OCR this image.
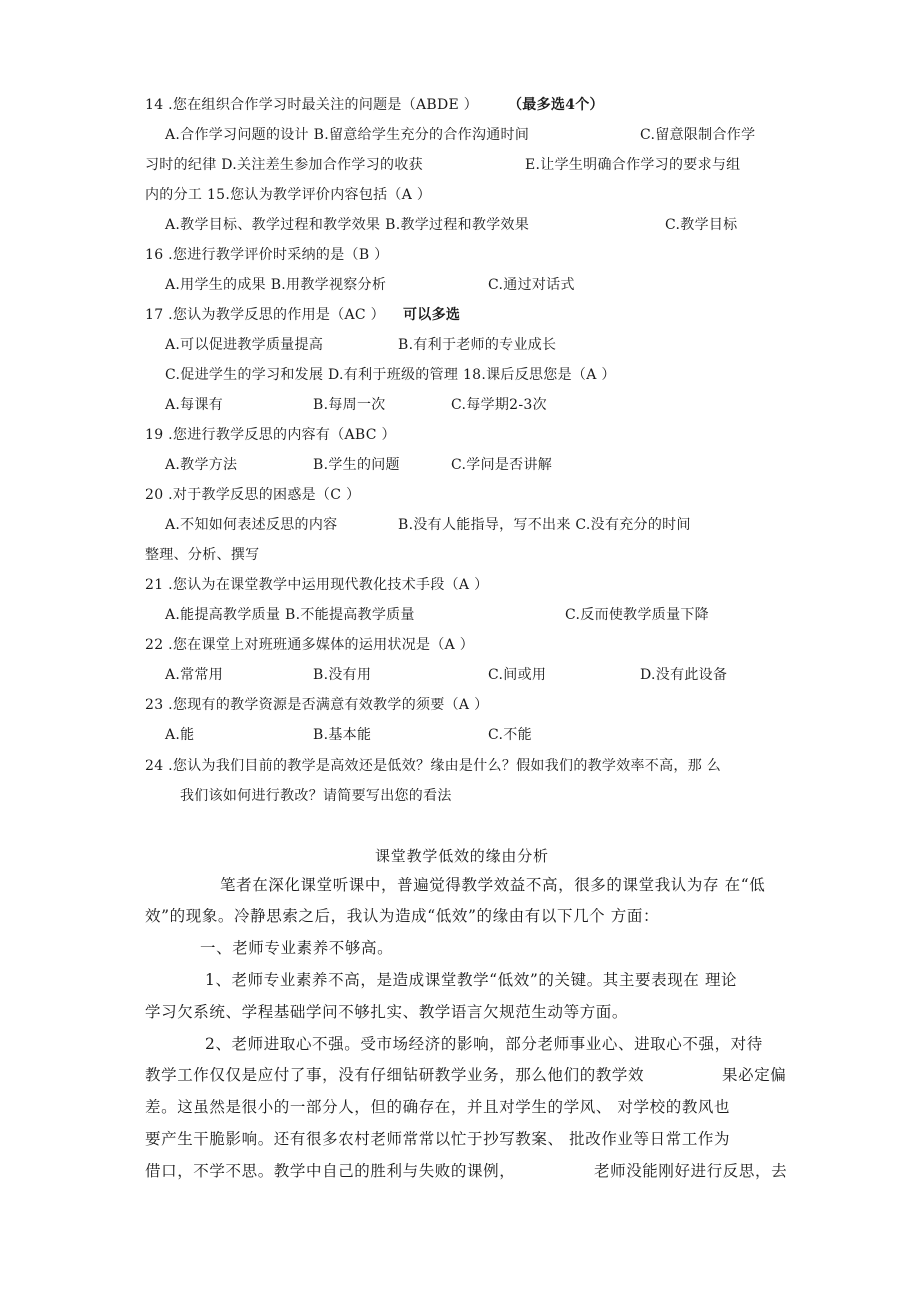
14 .您在组织合作学习时最关注的问题是（ABDE ） （最多选4个）
A.合作学习问题的设计 B.留意给学生充分的合作沟通时间	C.留意限制合作学
习时的纪律 D.关注差生参加合作学习的收获	E.让学生明确合作学习的要求与组
内的分工 15.您认为教学评价内容包括（A ）
A.教学目标、教学过程和教学效果 B.教学过程和教学效果	C.教学目标
16 .您进行教学评价时采纳的是（B ）
A.用学生的成果 B.用教学视察分析	C.通过对话式
17 .您认为教学反思的作用是（AC ） 可以多选
A.可以促进教学质量提高	B.有利于老师的专业成长
C.促进学生的学习和发展 D.有利于班级的管理 18.课后反思您是（A ）
A.每课有	B.每周一次	C.每学期2-3次
19 .您进行教学反思的内容有（ABC ）
A.教学方法	B.学生的问题	C.学问是否讲解
20 .对于教学反思的困惑是（C ）
A.不知如何表述反思的内容	B.没有人能指导，写不出来 C.没有充分的时间
整理、分析、撰写
21 .您认为在课堂教学中运用现代教化技术手段（A ）
A.能提高教学质量 B.不能提高教学质量	C.反而使教学质量下降
22 .您在课堂上对班班通多媒体的运用状况是（A ）
A.常常用	B.没有用	C.间或用	D.没有此设备
23 .您现有的教学资源是否满意有效教学的须要（A ）
A.能	B.基本能	C.不能
24 .您认为我们目前的教学是高效还是低效？缘由是什么？假如我们的教学效率不高，那 么
我们该如何进行教改？请简要写出您的看法
课堂教学低效的缘由分析
笔者在深化课堂听课中，普遍觉得教学效益不高，很多的课堂我认为存 在“低
效”的现象。冷静思索之后，我认为造成“低效”的缘由有以下几个 方面：
一、老师专业素养不够高。
1、老师专业素养不高，是造成课堂教学“低效”的关键。其主要表现在 理论
学习欠系统、学程基础学问不够扎实、教学语言欠规范生动等方面。
2、老师进取心不强。受市场经济的影响，部分老师事业心、进取心不强，对待
教学工作仅仅是应付了事，没有仔细钻研教学业务，那么他们的教学效	果必定偏
差。这虽然是很小的一部分人，但的确存在，并且对学生的学风、 对学校的教风也
要产生干脆影响。还有很多农村老师常常以忙于抄写教案、 批改作业等日常工作为
借口，不学不思。教学中自己的胜利与失败的课例，	老师没能刚好进行反思，去
